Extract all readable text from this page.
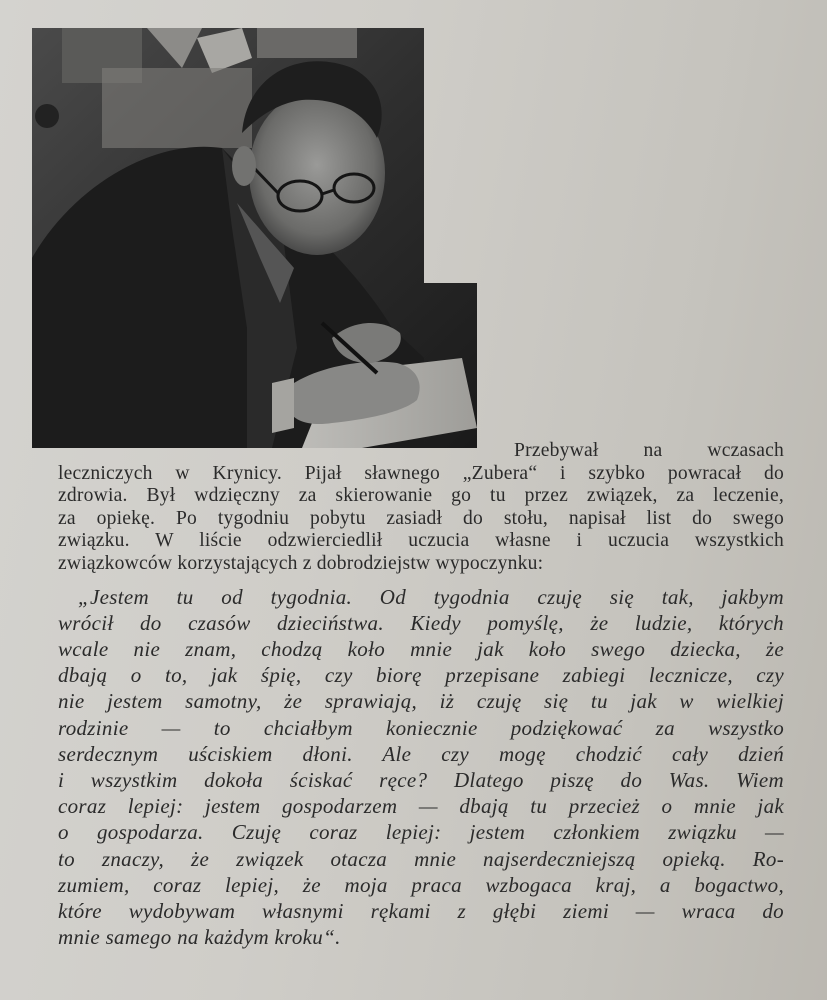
Przebywał na wczasach
leczniczych w Krynicy. Pijał sławnego „Zubera“ i szybko powracał do
zdrowia. Był wdzięczny za skierowanie go tu przez związek, za leczenie,
za opiekę. Po tygodniu pobytu zasiadł do stołu, napisał list do swego
związku. W liście odzwierciedlił uczucia własne i uczucia wszystkich
związkowców korzystających z dobrodziejstw wypoczynku:
„Jestem tu od tygodnia. Od tygodnia czuję się tak, jakbym
wrócił do czasów dzieciństwa. Kiedy pomyślę, że ludzie, których
wcale nie znam, chodzą koło mnie jak koło swego dziecka, że
dbają o to, jak śpię, czy biorę przepisane zabiegi lecznicze, czy
nie jestem samotny, że sprawiają, iż czuję się tu jak w wielkiej
rodzinie — to chciałbym koniecznie podziękować za wszystko
serdecznym uściskiem dłoni. Ale czy mogę chodzić cały dzień
i wszystkim dokoła ściskać ręce? Dlatego piszę do Was. Wiem
coraz lepiej: jestem gospodarzem — dbają tu przecież o mnie jak
o gospodarza. Czuję coraz lepiej: jestem członkiem związku —
to znaczy, że związek otacza mnie najserdeczniejszą opieką. Ro-
zumiem, coraz lepiej, że moja praca wzbogaca kraj, a bogactwo,
które wydobywam własnymi rękami z głębi ziemi — wraca do
mnie samego na każdym kroku“.
